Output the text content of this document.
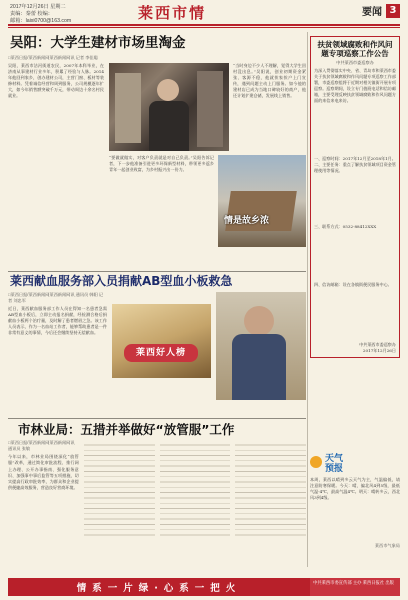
2017年12月26日 星期二
责编：秦蕾 校编：
邮箱：laixi0700@163.com	莱西市情	要闻 3
吴阳：大学生建材市场里淘金
□莱西日报/莱西新闻网莱西新闻网讯 记者 李佳聪
吴阳，莱西市沽河街道农民，2007年本科毕业，在济南从事建材行业多年，积累了经验与人脉。2014年他回到家乡，创办建材公司，主营门窗、板材等装修材料。凭着诚信经营和周到服务，公司规模逐年扩大，如今年销售额突破千万元，带动周边十余名村民就业。
“当时身边不少人不理解，觉得大学生回村没出息。”吴阳说，创业初期资金紧张、客源不稳，他就挨家挨户上门宣传，遇到问题主动上门服务。如今他的建材店已成为当地口碑较好的商户，他还计划扩建仓储，发展线上销售。
“要做就做实，对客户负责就是对自己负责。”吴阳告诉记者，下一步他准备引进更多环保新型材料，带领更多返乡青年一起创业致富，为乡村振兴出一份力。
情是故乡浓
莱西献血服务部入员捐献AB型血小板救急
□莱西日报/莱西新闻网莱西新闻网讯 通讯员 韩阳 记者 刘忠军
近日，莱西献血服务部工作人员在得知一名患者急需AB型血小板后，立即主动报名捐献，经检测合格后捐献血小板两个治疗量，及时解了患者燃眉之急。该工作人员表示，作为一名血站工作者，能够帮助患者是一件非常有意义的事情，今后还会继续坚持无偿献血。
莱西好人榜
市林业局：五措并举做好“放管服”工作
□莱西日报/莱西新闻网莱西新闻网讯 通讯员 张敏
今年以来，市林业局围绕深化“放管服”改革，通过简化审批流程、推行网上办理、公开办事指南、强化服务意识、加强事中事后监管等五项措施，切实提高行政审批效率，为群众和企业提供便捷高效服务，营造良好营商环境。
扶贫领域腐败和作风问题专项巡察工作公告
中共莱西市委巡察办
为深入贯彻落实中央、省、青岛市和莱西市委关于扶贫领域腐败和作风问题专项巡察工作部署，市委巡察组将于近期对相关镇街开展专项巡察。巡察期间，设立专门值班电话和信访邮箱，主要受理反映扶贫领域腐败和作风问题方面的来信来电来访。
一、巡察时间：2017年12月至2018年1月。
二、主要任务：重点了解扶贫领域项目资金管理使用等情况。
三、联系方式：0532-88412XXX
四、信访邮箱：设在各镇街便民服务中心。
中共莱西市委巡察办
2017年12月26日
天气
预报
本周，莱西以晴到多云天气为主，气温偏低，请注意防寒保暖。今天：晴，偏北风4到5级，最低气温-4℃，最高气温4℃。明天：晴转多云，西北风3到4级。
莱西市气象局
情系一片绿·心系一把火
中共莱西市委宣传部 主办 莱西日报社 出版
